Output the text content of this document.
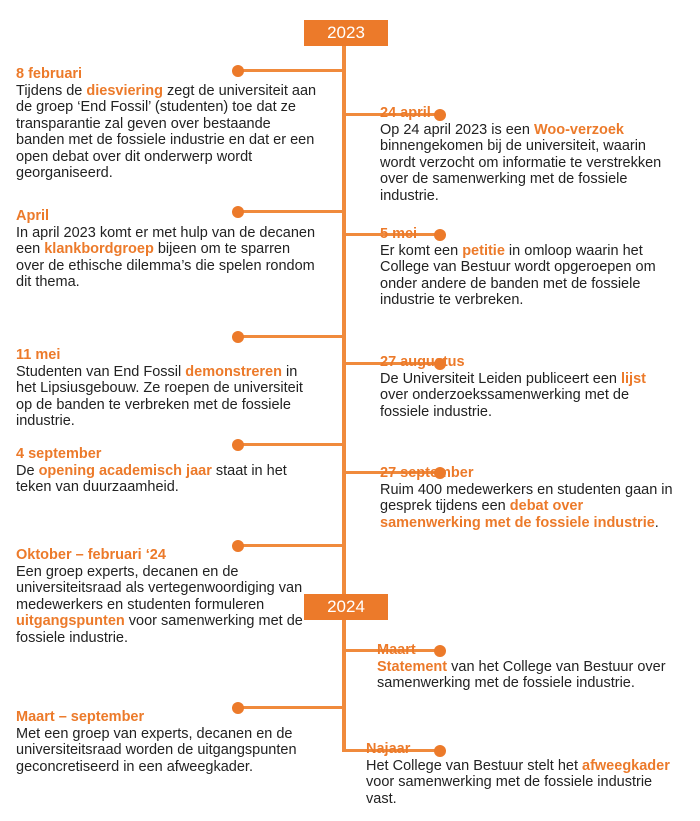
2023
2024
8 februari
Tijdens de diesviering zegt de universiteit aan de groep ‘End Fossil’ (studenten) toe dat ze transparantie zal geven over bestaande banden met de fossiele industrie en dat er een open debat over dit onderwerp wordt georganiseerd.
24 april
Op 24 april 2023 is een Woo-verzoek binnengekomen bij de universiteit, waarin wordt verzocht om informatie te verstrekken over de samenwerking met de fossiele industrie.
April
In april 2023 komt er met hulp van de decanen een klankbordgroep bijeen om te sparren over de ethische dilemma’s die spelen rondom dit thema.
5 mei
Er komt een petitie in omloop waarin het College van Bestuur wordt opgeroepen om onder andere de banden met de fossiele industrie te verbreken.
11 mei
Studenten van End Fossil demonstreren in het Lipsiusgebouw. Ze roepen de universiteit op de banden te verbreken met de fossiele industrie.
27 augustus
De Universiteit Leiden publiceert een lijst over onderzoekssamenwerking met de fossiele industrie.
4 september
De opening academisch jaar staat in het teken van duurzaamheid.
27 september
Ruim 400 medewerkers en studenten gaan in gesprek tijdens een debat over samenwerking met de fossiele industrie.
Oktober – februari ‘24
Een groep experts, decanen en de universiteitsraad als vertegenwoordiging van medewerkers en studenten formuleren uitgangspunten voor samenwerking met de fossiele industrie.
Maart
Statement van het College van Bestuur over samenwerking met de fossiele industrie.
Maart – september
Met een groep van experts, decanen en de universiteitsraad worden de uitgangspunten geconcretiseerd in een afweegkader.
Najaar
Het College van Bestuur stelt het afweegkader voor samenwerking met de fossiele industrie vast.
